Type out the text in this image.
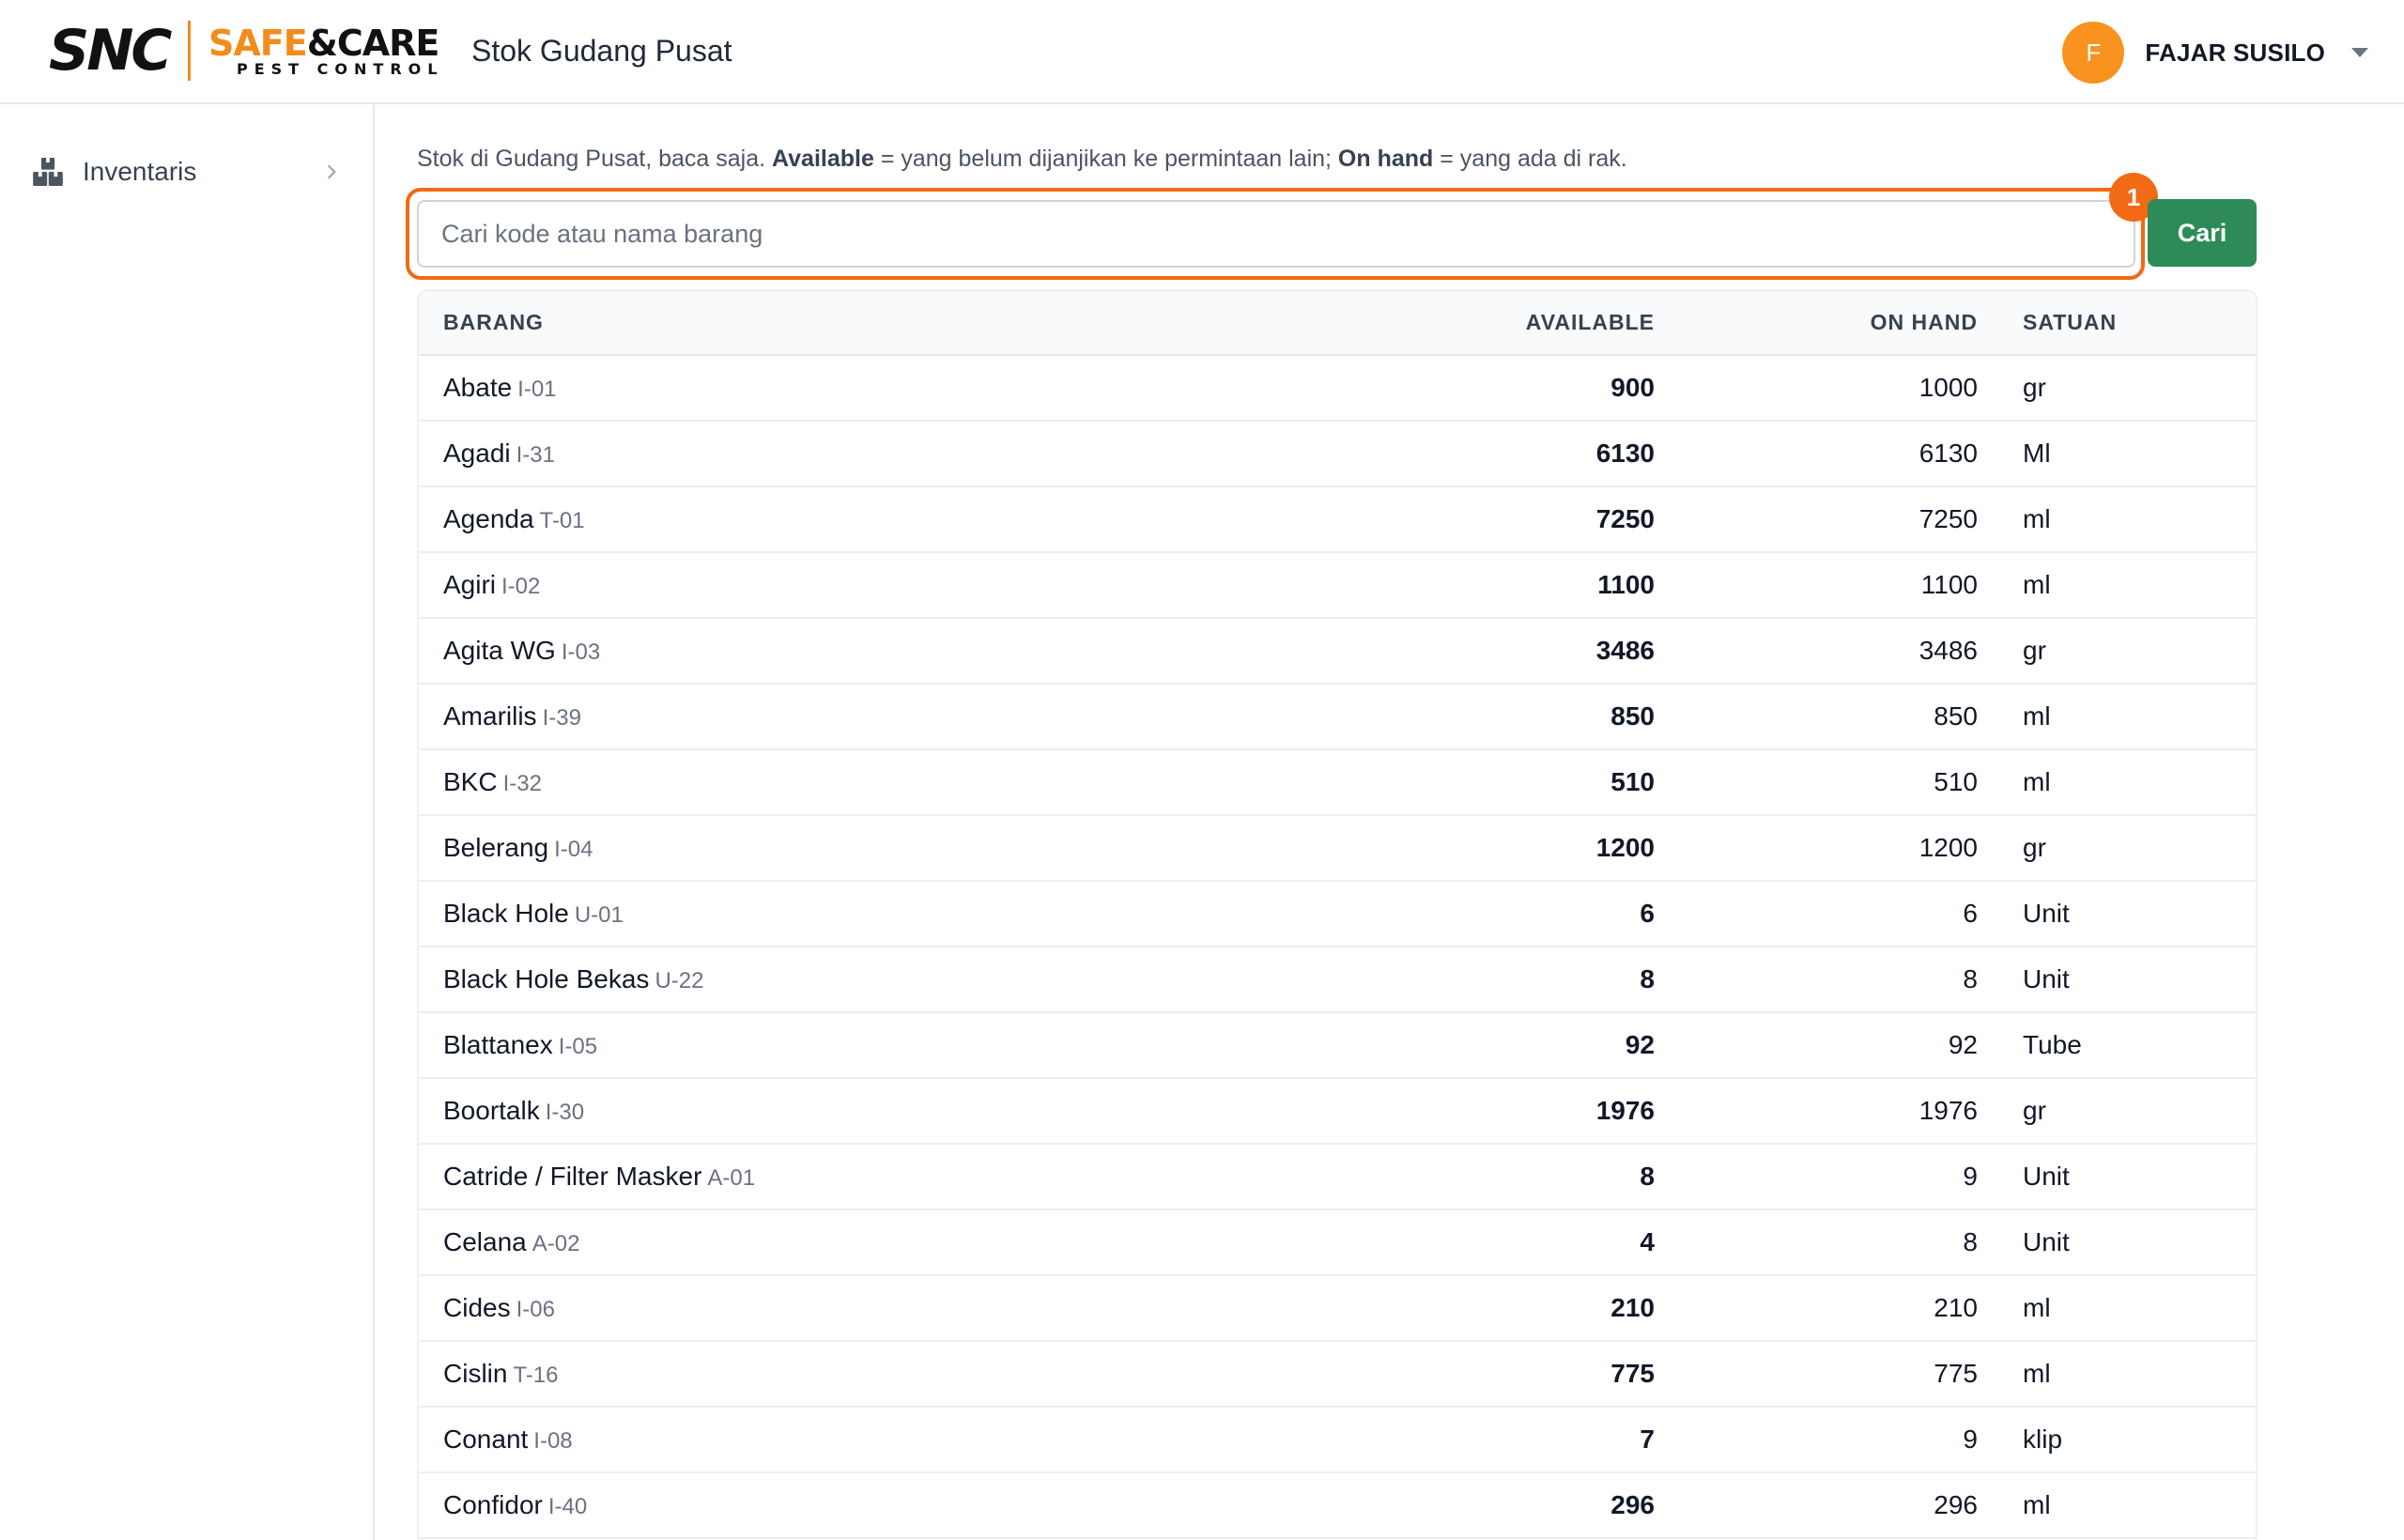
SNC SAFE&CARE
PEST CONTROL
Stok Gudang Pusat	F	FAJAR SUSILO
Inventaris	Stok di Gudang Pusat, baca saja. Available = yang belum dijanjikan ke permintaan lain; On hand = yang ada di rak.

Cari kode atau nama barang
1
Cari
BARANG	AVAILABLE	ON HAND	SATUAN
Abate I-01	900	1000	gr
Agadi I-31	6130	6130	Ml
Agenda T-01	7250	7250	ml
Agiri I-02	1100	1100	ml
Agita WG I-03	3486	3486	gr
Amarilis I-39	850	850	ml
BKC I-32	510	510	ml
Belerang I-04	1200	1200	gr
Black Hole U-01	6	6	Unit
Black Hole Bekas U-22	8	8	Unit
Blattanex I-05	92	92	Tube
Boortalk I-30	1976	1976	gr
Catride / Filter Masker A-01	8	9	Unit
Celana A-02	4	8	Unit
Cides I-06	210	210	ml
Cislin T-16	775	775	ml
Conant I-08	7	9	klip
Confidor I-40	296	296	ml
